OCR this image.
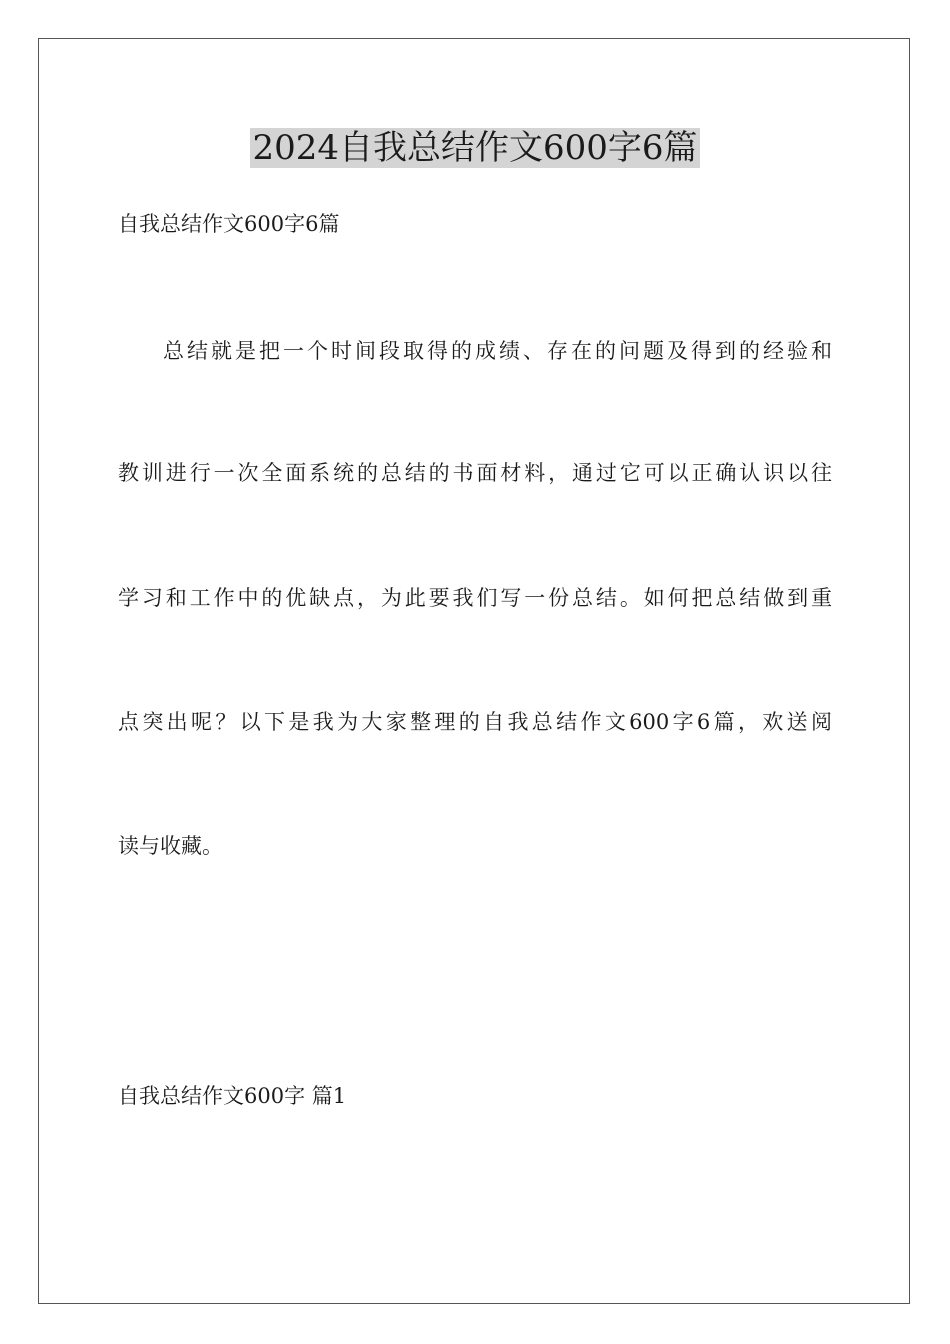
2024自我总结作文600字6篇

自我总结作文600字6篇

总结就是把一个时间段取得的成绩、存在的问题及得到的经验和

教训进行一次全面系统的总结的书面材料，通过它可以正确认识以往

学习和工作中的优缺点，为此要我们写一份总结。如何把总结做到重

点突出呢？以下是我为大家整理的自我总结作文600字6篇，欢送阅

读与收藏。

自我总结作文600字 篇1
